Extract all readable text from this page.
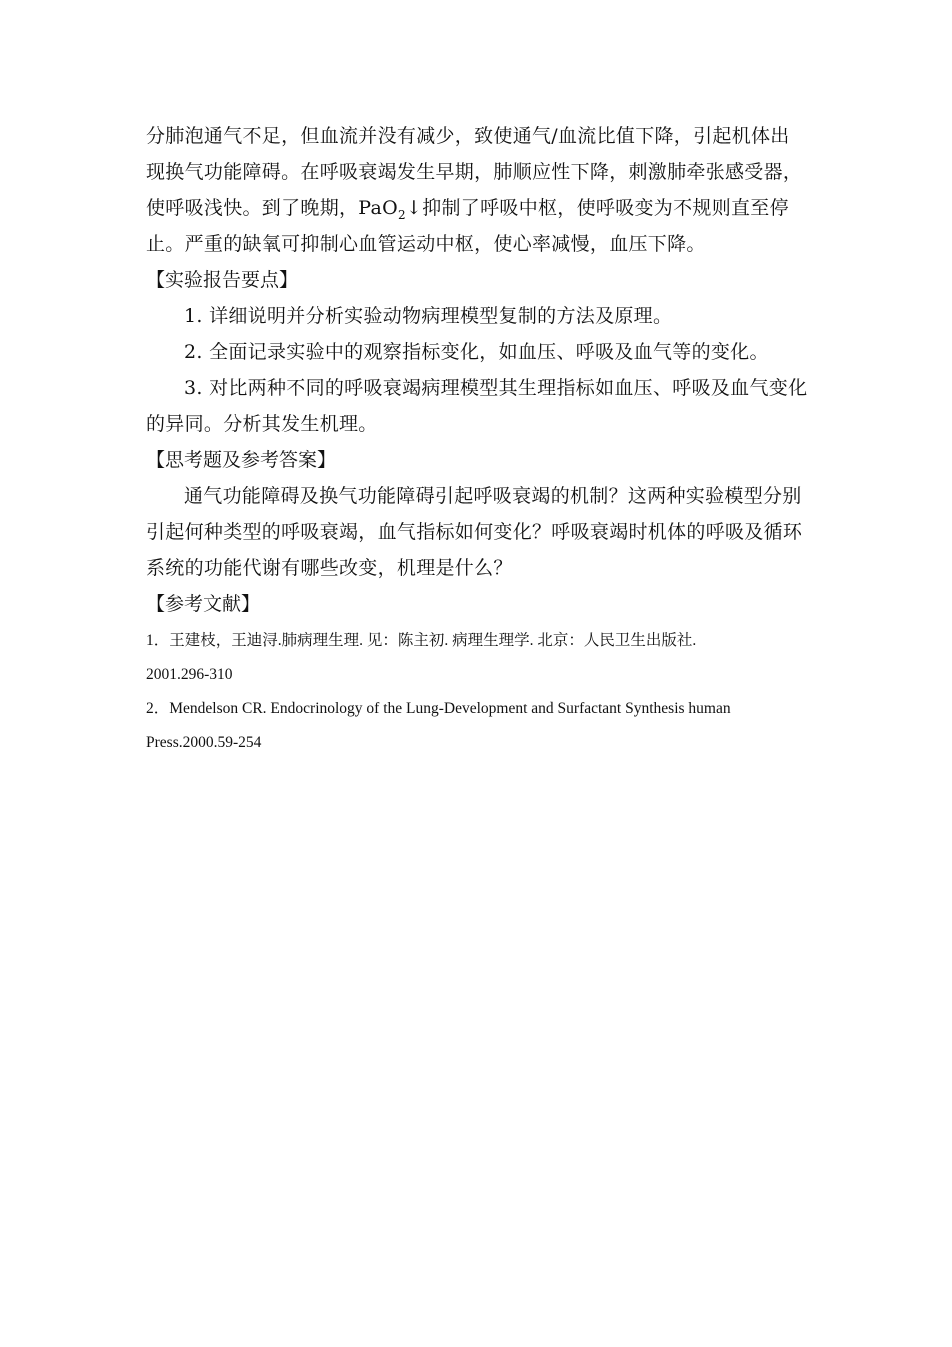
分肺泡通气不足，但血流并没有减少，致使通气/血流比值下降，引起机体出现换气功能障碍。在呼吸衰竭发生早期，肺顺应性下降，刺激肺牵张感受器，使呼吸浅快。到了晚期，PaO$_2$↓抑制了呼吸中枢，使呼吸变为不规则直至停止。严重的缺氧可抑制心血管运动中枢，使心率减慢，血压下降。

【实验报告要点】

1. 详细说明并分析实验动物病理模型复制的方法及原理。

2. 全面记录实验中的观察指标变化，如血压、呼吸及血气等的变化。

3. 对比两种不同的呼吸衰竭病理模型其生理指标如血压、呼吸及血气变化的异同。分析其发生机理。

【思考题及参考答案】

通气功能障碍及换气功能障碍引起呼吸衰竭的机制？这两种实验模型分别引起何种类型的呼吸衰竭，血气指标如何变化？呼吸衰竭时机体的呼吸及循环系统的功能代谢有哪些改变，机理是什么？

【参考文献】

1．王建枝，王迪浔.肺病理生理. 见：陈主初. 病理生理学. 北京：人民卫生出版社.

2001.296-310

2．Mendelson CR. Endocrinology of the Lung-Development and Surfactant Synthesis human

Press.2000.59-254
